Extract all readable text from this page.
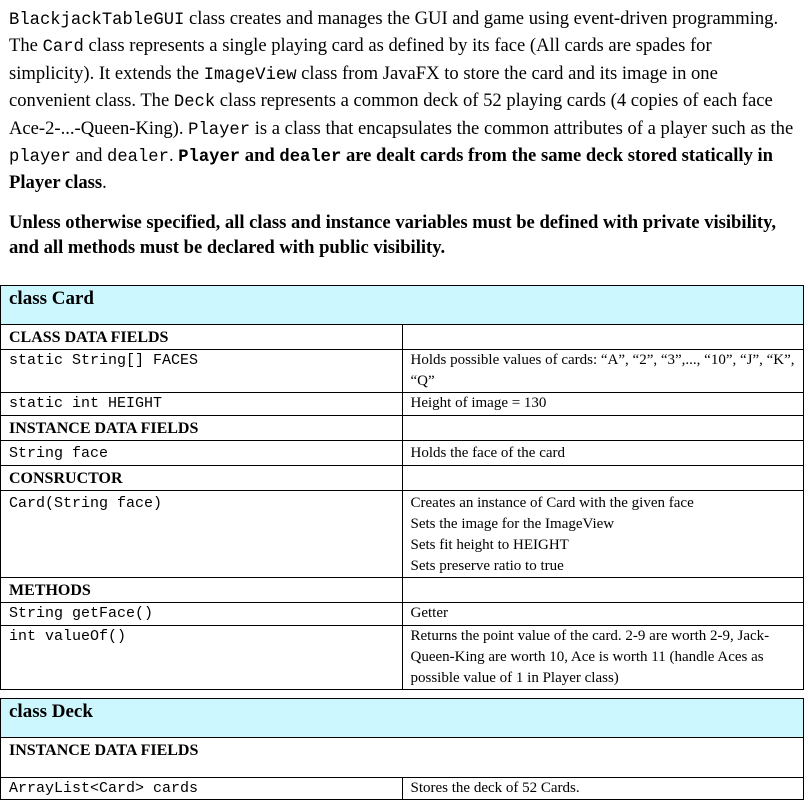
BlackjackTableGUI class creates and manages the GUI and game using event-driven programming. The Card class represents a single playing card as defined by its face (All cards are spades for simplicity). It extends the ImageView class from JavaFX to store the card and its image in one convenient class. The Deck class represents a common deck of 52 playing cards (4 copies of each face Ace-2-...-Queen-King). Player is a class that encapsulates the common attributes of a player such as the player and dealer. Player and dealer are dealt cards from the same deck stored statically in Player class.

Unless otherwise specified, all class and instance variables must be defined with private visibility, and all methods must be declared with public visibility.

class Card	
CLASS DATA FIELDS	
static String[] FACES	Holds possible values of cards: “A”, “2”, “3”,..., “10”, “J”, “K”, “Q”
static int HEIGHT	Height of image = 130
INSTANCE DATA FIELDS	
String face	Holds the face of the card
CONSRUCTOR	
Card(String face)	Creates an instance of Card with the given face
Sets the image for the ImageView
Sets fit height to HEIGHT
Sets preserve ratio to true

METHODS	
String getFace()	Getter
int valueOf()	Returns the point value of the card. 2-9 are worth 2-9, Jack-Queen-King are worth 10, Ace is worth 11 (handle Aces as possible value of 1 in Player class)
class Deck
INSTANCE DATA FIELDS
ArrayList<Card> cards	Stores the deck of 52 Cards.
